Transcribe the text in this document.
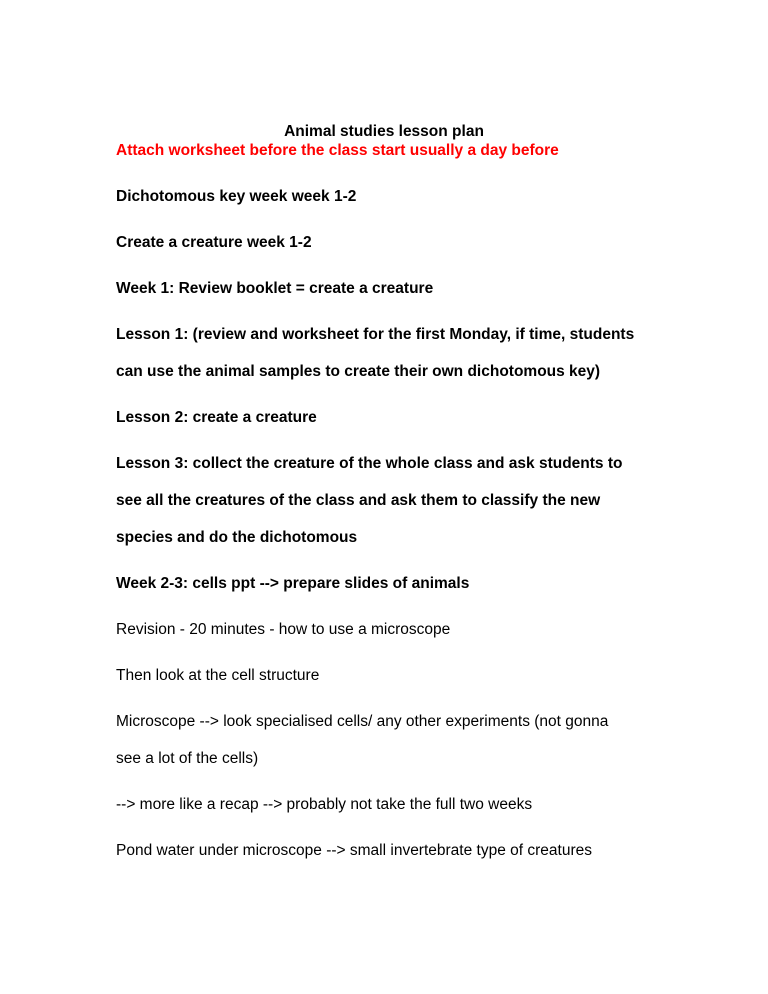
Animal studies lesson plan
Attach worksheet before the class start usually a day before
Dichotomous key week week 1-2
Create a creature week 1-2
Week 1: Review booklet = create a creature
Lesson 1: (review and worksheet for the first Monday, if time, students
can use the animal samples to create their own dichotomous key)
Lesson 2: create a creature
Lesson 3: collect the creature of the whole class and ask students to
see all the creatures of the class and ask them to classify the new
species and do the dichotomous
Week 2-3: cells ppt --> prepare slides of animals
Revision - 20 minutes - how to use a microscope
Then look at the cell structure
Microscope --> look specialised cells/ any other experiments (not gonna
see a lot of the cells)
--> more like a recap --> probably not take the full two weeks
Pond water under microscope --> small invertebrate type of creatures
